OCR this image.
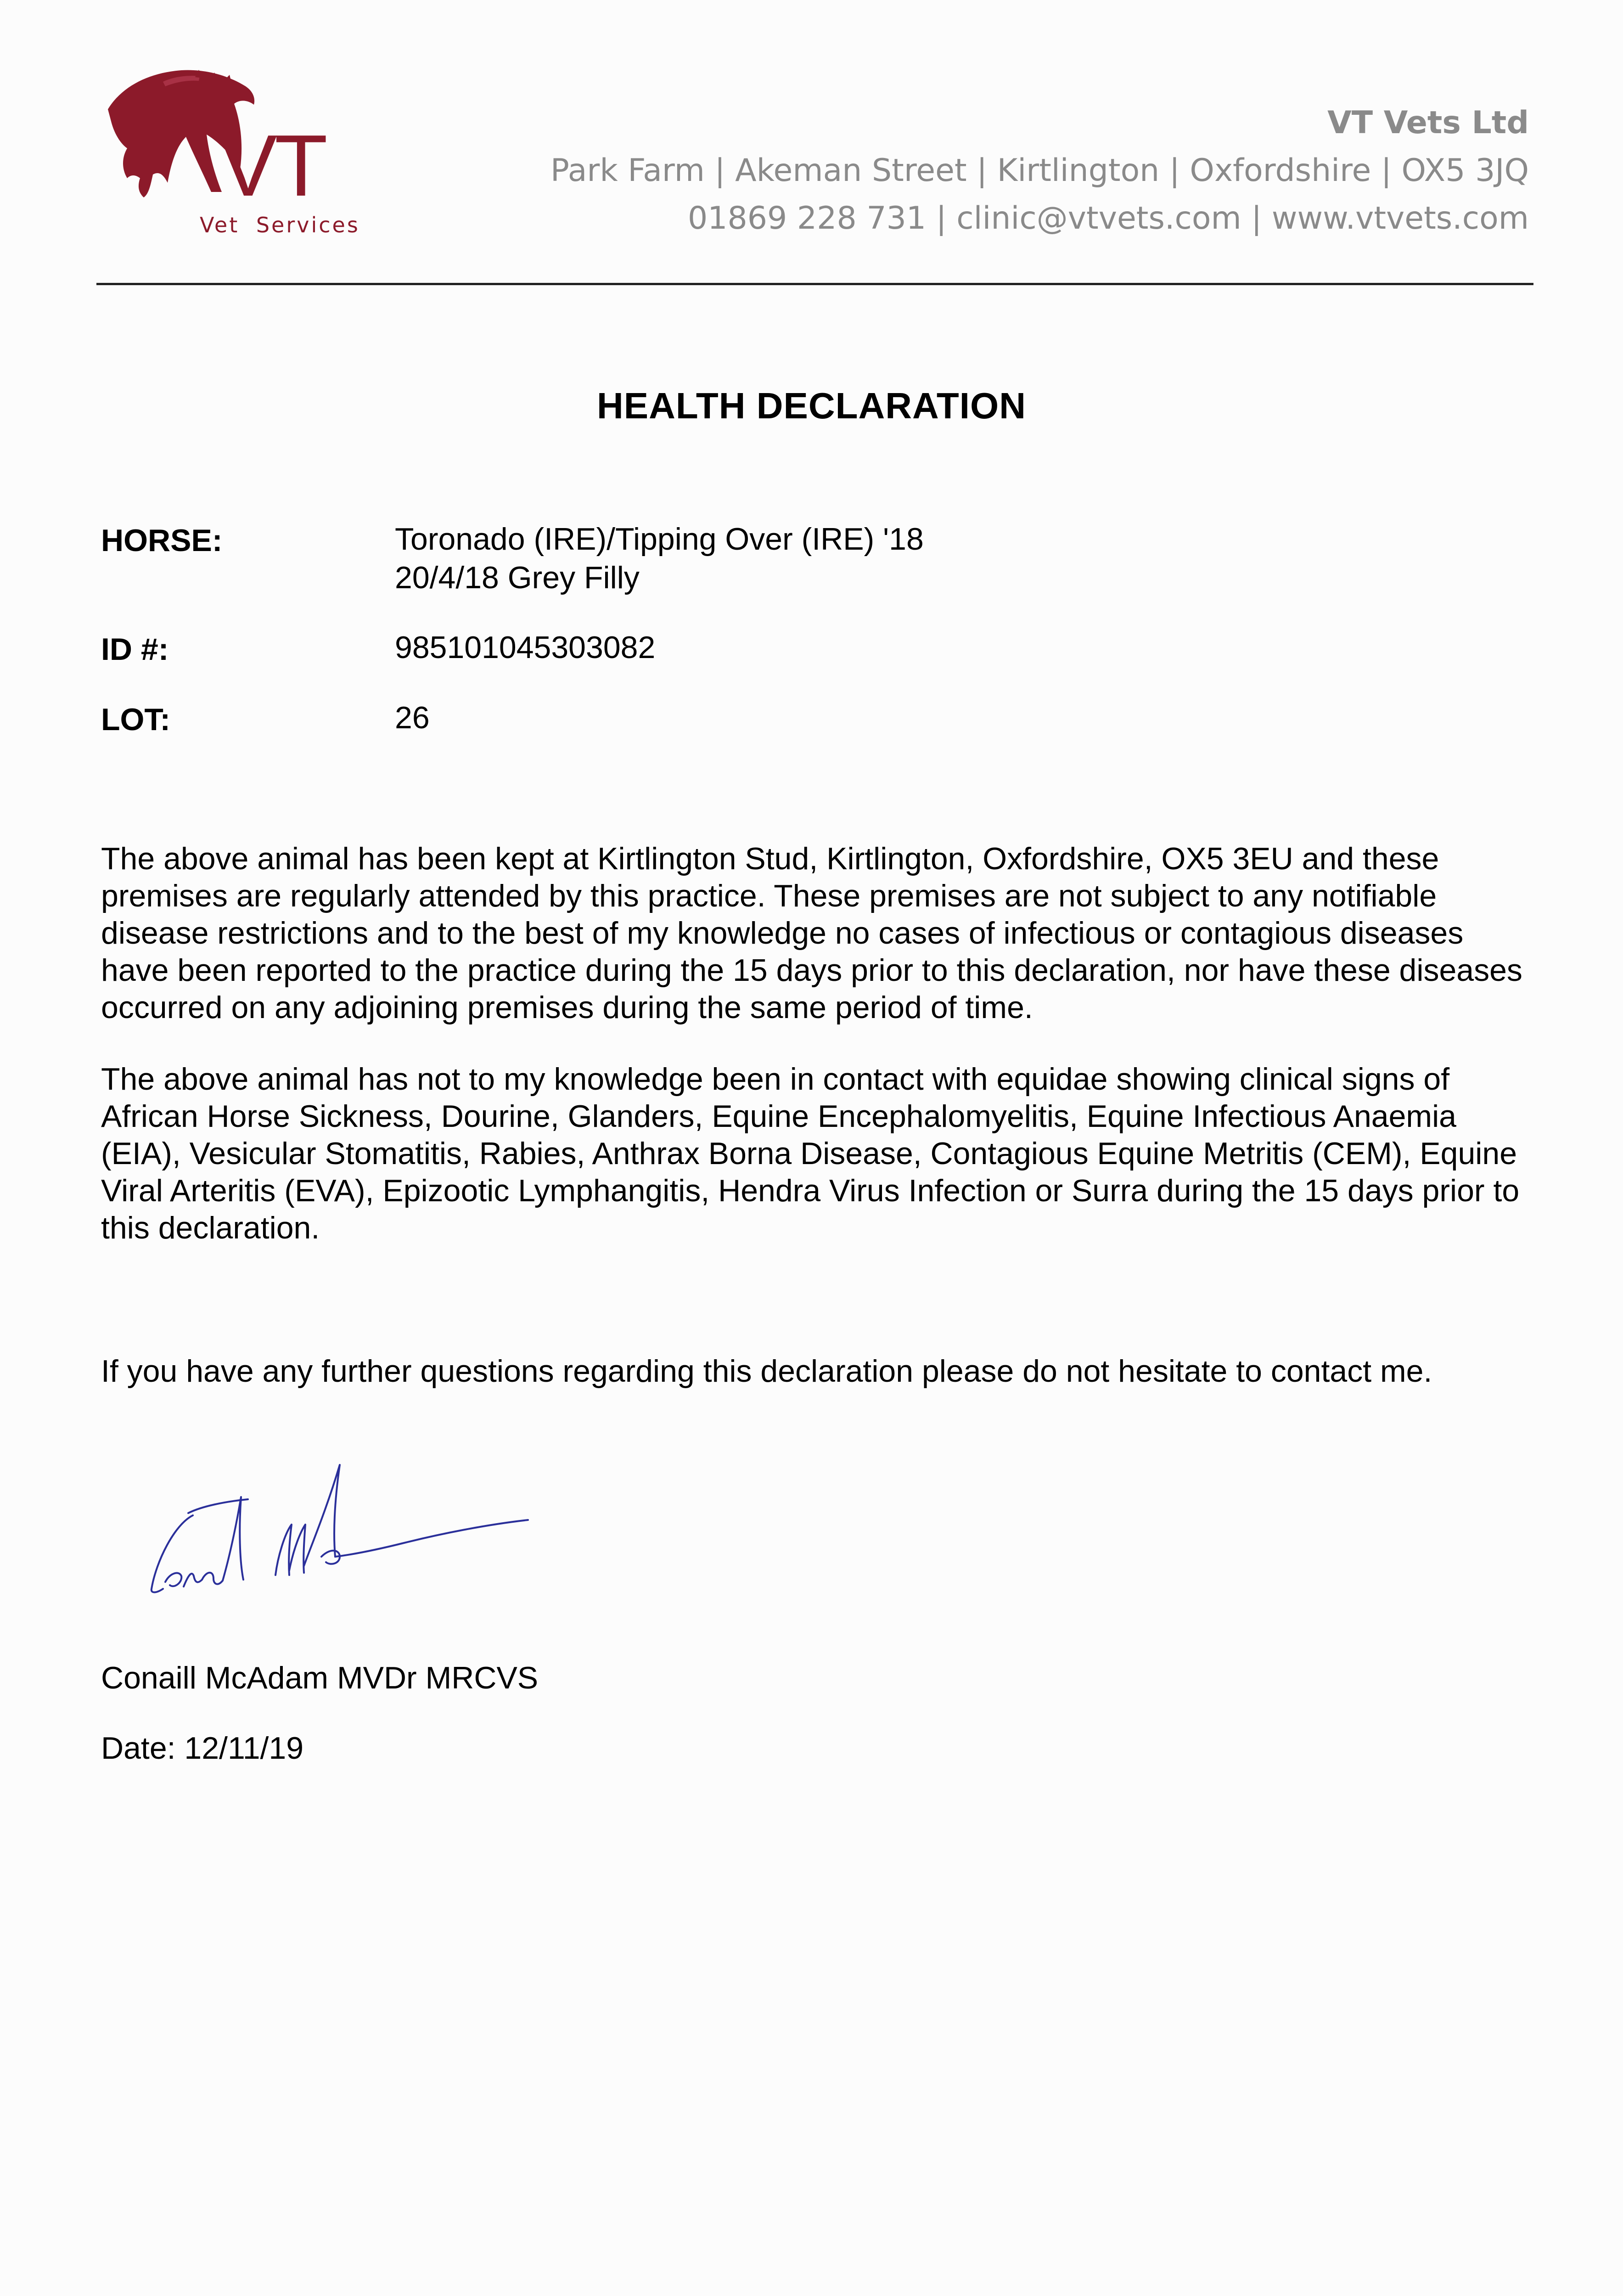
VT
Vet Services
VT Vets Ltd
Park Farm | Akeman Street | Kirtlington | Oxfordshire | OX5 3JQ
01869 228 731 | clinic@vtvets.com | www.vtvets.com
HEALTH DECLARATION
HORSE:	Toronado (IRE)/Tipping Over (IRE) '18
20/4/18 Grey Filly
ID #:	985101045303082
LOT:	26
The above animal has been kept at Kirtlington Stud, Kirtlington, Oxfordshire, OX5 3EU and these premises are regularly attended by this practice. These premises are not subject to any notifiable disease restrictions and to the best of my knowledge no cases of infectious or contagious diseases have been reported to the practice during the 15 days prior to this declaration, nor have these diseases occurred on any adjoining premises during the same period of time.
The above animal has not to my knowledge been in contact with equidae showing clinical signs of African Horse Sickness, Dourine, Glanders, Equine Encephalomyelitis, Equine Infectious Anaemia (EIA), Vesicular Stomatitis, Rabies, Anthrax Borna Disease, Contagious Equine Metritis (CEM), Equine Viral Arteritis (EVA), Epizootic Lymphangitis, Hendra Virus Infection or Surra during the 15 days prior to this declaration.
If you have any further questions regarding this declaration please do not hesitate to contact me.
Conaill McAdam MVDr MRCVS
Date: 12/11/19
